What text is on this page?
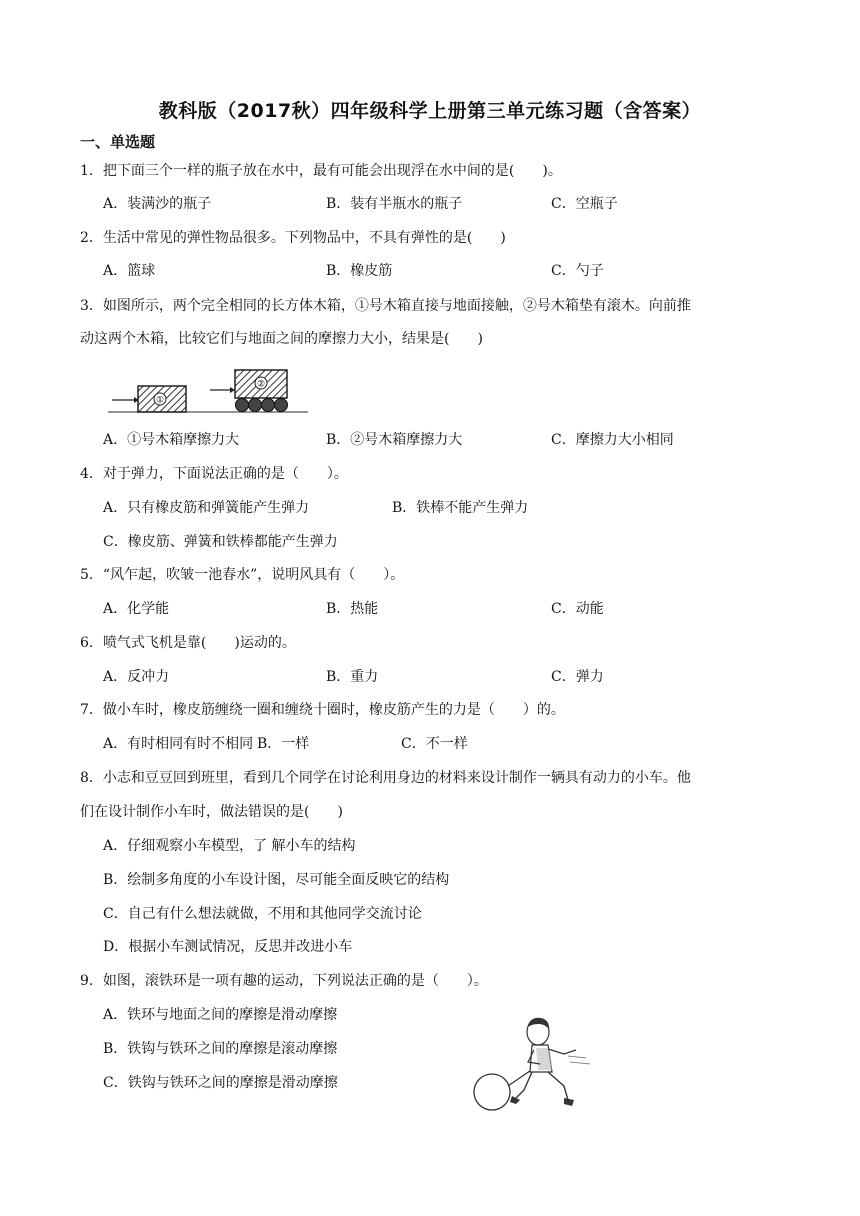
教科版（2017秋）四年级科学上册第三单元练习题（含答案）
一、单选题
1．把下面三个一样的瓶子放在水中，最有可能会出现浮在水中间的是(　　)。
A．装满沙的瓶子	B．装有半瓶水的瓶子	C．空瓶子
2．生活中常见的弹性物品很多。下列物品中，不具有弹性的是(　　)
A．篮球	B．橡皮筋	C．勺子
3．如图所示，两个完全相同的长方体木箱，①号木箱直接与地面接触，②号木箱垫有滚木。向前推
动这两个木箱，比较它们与地面之间的摩擦力大小，结果是(　　)
①
②
A．①号木箱摩擦力大	B．②号木箱摩擦力大	C．摩擦力大小相同
4．对于弹力，下面说法正确的是（　　）。
A．只有橡皮筋和弹簧能产生弹力	B．铁棒不能产生弹力
C．橡皮筋、弹簧和铁棒都能产生弹力
5．“风乍起，吹皱一池春水”，说明风具有（　　）。
A．化学能	B．热能	C．动能
6．喷气式飞机是靠(　　)运动的。
A．反冲力	B．重力	C．弹力
7．做小车时，橡皮筋缠绕一圈和缠绕十圈时，橡皮筋产生的力是（　　）的。
A．有时相同有时不相同 B．一样	C．不一样
8．小志和豆豆回到班里，看到几个同学在讨论利用身边的材料来设计制作一辆具有动力的小车。他
们在设计制作小车时，做法错误的是(　　)
A．仔细观察小车模型，了 解小车的结构
B．绘制多角度的小车设计图，尽可能全面反映它的结构
C．自己有什么想法就做，不用和其他同学交流讨论
D．根据小车测试情况，反思并改进小车
9．如图，滚铁环是一项有趣的运动，下列说法正确的是（　　）。
A．铁环与地面之间的摩擦是滑动摩擦
B．铁钩与铁环之间的摩擦是滚动摩擦
C．铁钩与铁环之间的摩擦是滑动摩擦
